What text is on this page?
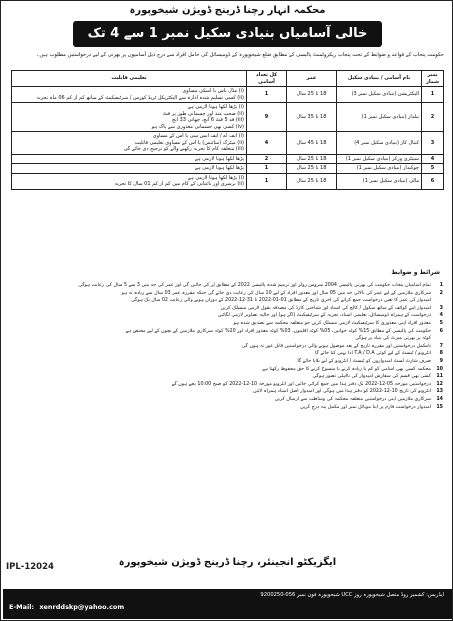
محکمہ انہار رچنا ڈرینج ڈویژن شیخوپورہ
خالی آسامیاں بنیادی سکیل نمبر 1 سے 4 تک
حکومت پنجاب کے قواعد و ضوابط کے تحت پنجاب ریکروٹمنٹ پالیسی کے مطابق ضلع شیخوپورہ کے ڈومیسائل کی حامل افراد سے درج ذیل آسامیوں پر بھرتی کے لیے درخواستیں مطلوب ہیں۔
نمبر شمار	نام آسامی / بنیادی سکیل	عمر	کل تعداد آسامی	تعلیمی قابلیت
1	الیکٹریشن (بنیادی سکیل نمبر 3)	18 تا 25 سال	1	(i) مڈل پاس یا اسکی مساوی
(ii) کسی تسلیم شدہ ادارہ سے الیکٹریکل ٹریڈ کورس / سرٹیفیکیٹ کے ساتھ کم از کم 06 ماہ تجربہ

2	بیلدار (بنیادی سکیل نمبر 1)	18 تا 35 سال	9	(i) پڑھا لکھا ہونا لازمی ہے
(ii) صحت مند اور جسمانی طور پر فٹ
(iii) قد 5 فٹ 6 انچ، چھاتی 33 انچ
(iv) کسی بھی جسمانی معذوری سے پاک ہو

3	کینال کار (بنیادی سکیل نمبر 4)	18 تا 45 سال	4	(i) ایف اے / ایف ایس سی یا اس کے مساوی
(ii) میٹرک (سائنس) یا اس کے مساوی تعلیمی قابلیت
(iii) متعلقہ کام کا تجربہ رکھنے والے کو ترجیح دی جائے گی

4	سینٹری ورکر (بنیادی سکیل نمبر 1)	18 تا 25 سال	2	پڑھا لکھا ہونا لازمی ہے

5	چوکیدار (بنیادی سکیل نمبر 1)	18 تا 25 سال	1	پڑھا لکھا ہونا لازمی ہے

6	مالی (بنیادی سکیل نمبر 1)	18 تا 25 سال	1	(i) پڑھا لکھا ہونا لازمی ہے
(ii) نرسری اور باغبانی کے کام میں کم از کم 01 سال کا تجربہ
شرائط و ضوابط
1
تمام آسامیاں پنجاب حکومت کی بھرتی پالیسی 2004 سروس رولز اور ترمیم شدہ پالیسی 2022 کے مطابق پُر کی جائیں گی اور عمر کی حد میں 3 سے 5 سال کی رعایت ہوگی
2
سرکاری ملازمین کے لیے عمر کی بالائی حد میں 05 سال اور معذور افراد کے لیے 10 سال کی رعایت دی جائے گی جبکہ مقررہ عمر 03 سال سے زیادہ نہ ہو
امیدوار کی عمر کا تعین درخواست جمع کرانے کی آخری تاریخ کے مطابق 01-01-2022 تا 31-12-2022 کے دوران ہونے والی رعایت 02 سال تک ہوگی
3
امیدوار اپنے کوائف کے ساتھ سکول / کالج کی اسناد اور شناختی کارڈ کی مصدقہ نقول لازمی منسلک کریں
4
درخواست کے ہمراہ ڈومیسائل، تعلیمی اسناد، تجربہ کے سرٹیفیکیٹ (اگر ہو) اور حالیہ تصاویر لازمی لگائیں
5
معذور افراد اپنی معذوری کا سرٹیفیکیٹ لازمی منسلک کریں جو متعلقہ محکمہ سے تصدیق شدہ ہو
6
حکومت کی پالیسی کے مطابق 15% کوٹہ خواتین، 05% کوٹہ اقلیتوں، 03% کوٹہ معذور افراد اور 20% کوٹہ سرکاری ملازمین کے بچوں کے لیے مختص ہے
کوٹہ پر بھرتی میرٹ کی بنیاد پر ہوگی
7
نامکمل درخواستیں اور مقررہ تاریخ کے بعد موصول ہونے والی درخواستیں قابل غور نہ ہوں گی
8
انٹرویو / ٹیسٹ کے لیے کوئی T.A / D.A ادا نہیں کیا جائے گا
9
صرف شارٹ لسٹ امیدواروں کو ٹیسٹ / انٹرویو کے لیے بلایا جائے گا
10
محکمہ کسی بھی آسامی کو کم یا زیادہ کرنے یا منسوخ کرنے کا حق محفوظ رکھتا ہے
11
کسی بھی قسم کی سفارش امیدوار کی نااہلی تصور ہوگی
12
درخواستیں مورخہ 05-12-2022 تک دفتر ہذا میں جمع کرائی جائیں اور انٹرویو مورخہ 10-12-2022 کو صبح 10:00 بجے ہوں گے
13
انٹرویو کی تاریخ 10-12-2022 کو دفتر ہذا میں ہوگی اور امیدوار اصل اسناد ہمراہ لائیں
14
سرکاری ملازمین اپنی درخواستیں متعلقہ محکمہ کی وساطت سے ارسال کریں
15
امیدوار درخواست فارم پر اپنا موبائل نمبر اور مکمل پتہ درج کریں
IPL-12024	ایگزیکٹو انجینئر، رچنا ڈرینج ڈویژن شیخوپورہ
ایڈریس: کشمیر روڈ متصل شیخوپورہ روز UCC شیخوپورہ فون نمبر 056-9200250
E-Mail: xenrddskp@yahoo.com
